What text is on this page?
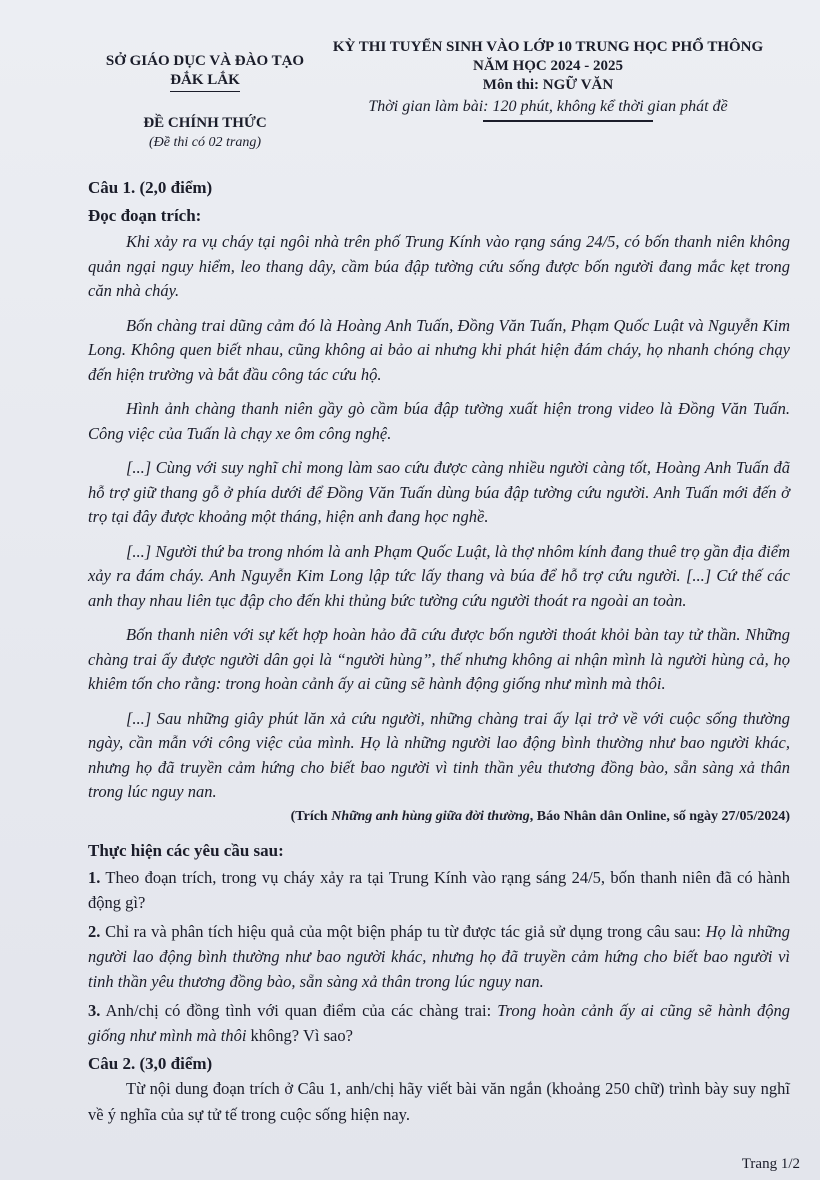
SỞ GIÁO DỤC VÀ ĐÀO TẠO
ĐẮK LẮK
ĐỀ CHÍNH THỨC
(Đề thi có 02 trang)
KỲ THI TUYỂN SINH VÀO LỚP 10 TRUNG HỌC PHỔ THÔNG
NĂM HỌC 2024 - 2025
Môn thi: NGỮ VĂN
Thời gian làm bài: 120 phút, không kể thời gian phát đề

Câu 1. (2,0 điểm)

Đọc đoạn trích:

Khi xảy ra vụ cháy tại ngôi nhà trên phố Trung Kính vào rạng sáng 24/5, có bốn thanh niên không quản ngại nguy hiểm, leo thang dây, cầm búa đập tường cứu sống được bốn người đang mắc kẹt trong căn nhà cháy.

Bốn chàng trai dũng cảm đó là Hoàng Anh Tuấn, Đồng Văn Tuấn, Phạm Quốc Luật và Nguyễn Kim Long. Không quen biết nhau, cũng không ai bảo ai nhưng khi phát hiện đám cháy, họ nhanh chóng chạy đến hiện trường và bắt đầu công tác cứu hộ.

Hình ảnh chàng thanh niên gầy gò cầm búa đập tường xuất hiện trong video là Đồng Văn Tuấn. Công việc của Tuấn là chạy xe ôm công nghệ.

[...] Cùng với suy nghĩ chỉ mong làm sao cứu được càng nhiều người càng tốt, Hoàng Anh Tuấn đã hỗ trợ giữ thang gỗ ở phía dưới để Đồng Văn Tuấn dùng búa đập tường cứu người. Anh Tuấn mới đến ở trọ tại đây được khoảng một tháng, hiện anh đang học nghề.

[...] Người thứ ba trong nhóm là anh Phạm Quốc Luật, là thợ nhôm kính đang thuê trọ gần địa điểm xảy ra đám cháy. Anh Nguyễn Kim Long lập tức lấy thang và búa để hỗ trợ cứu người. [...] Cứ thế các anh thay nhau liên tục đập cho đến khi thủng bức tường cứu người thoát ra ngoài an toàn.

Bốn thanh niên với sự kết hợp hoàn hảo đã cứu được bốn người thoát khỏi bàn tay tử thần. Những chàng trai ấy được người dân gọi là “người hùng”, thế nhưng không ai nhận mình là người hùng cả, họ khiêm tốn cho rằng: trong hoàn cảnh ấy ai cũng sẽ hành động giống như mình mà thôi.

[...] Sau những giây phút lăn xả cứu người, những chàng trai ấy lại trở về với cuộc sống thường ngày, cần mẫn với công việc của mình. Họ là những người lao động bình thường như bao người khác, nhưng họ đã truyền cảm hứng cho biết bao người vì tinh thần yêu thương đồng bào, sẵn sàng xả thân trong lúc nguy nan.

(Trích Những anh hùng giữa đời thường, Báo Nhân dân Online, số ngày 27/05/2024)

Thực hiện các yêu cầu sau:

1. Theo đoạn trích, trong vụ cháy xảy ra tại Trung Kính vào rạng sáng 24/5, bốn thanh niên đã có hành động gì?

2. Chỉ ra và phân tích hiệu quả của một biện pháp tu từ được tác giả sử dụng trong câu sau: Họ là những người lao động bình thường như bao người khác, nhưng họ đã truyền cảm hứng cho biết bao người vì tinh thần yêu thương đồng bào, sẵn sàng xả thân trong lúc nguy nan.

3. Anh/chị có đồng tình với quan điểm của các chàng trai: Trong hoàn cảnh ấy ai cũng sẽ hành động giống như mình mà thôi không? Vì sao?

Câu 2. (3,0 điểm)

Từ nội dung đoạn trích ở Câu 1, anh/chị hãy viết bài văn ngắn (khoảng 250 chữ) trình bày suy nghĩ về ý nghĩa của sự tử tế trong cuộc sống hiện nay.

Trang 1/2
